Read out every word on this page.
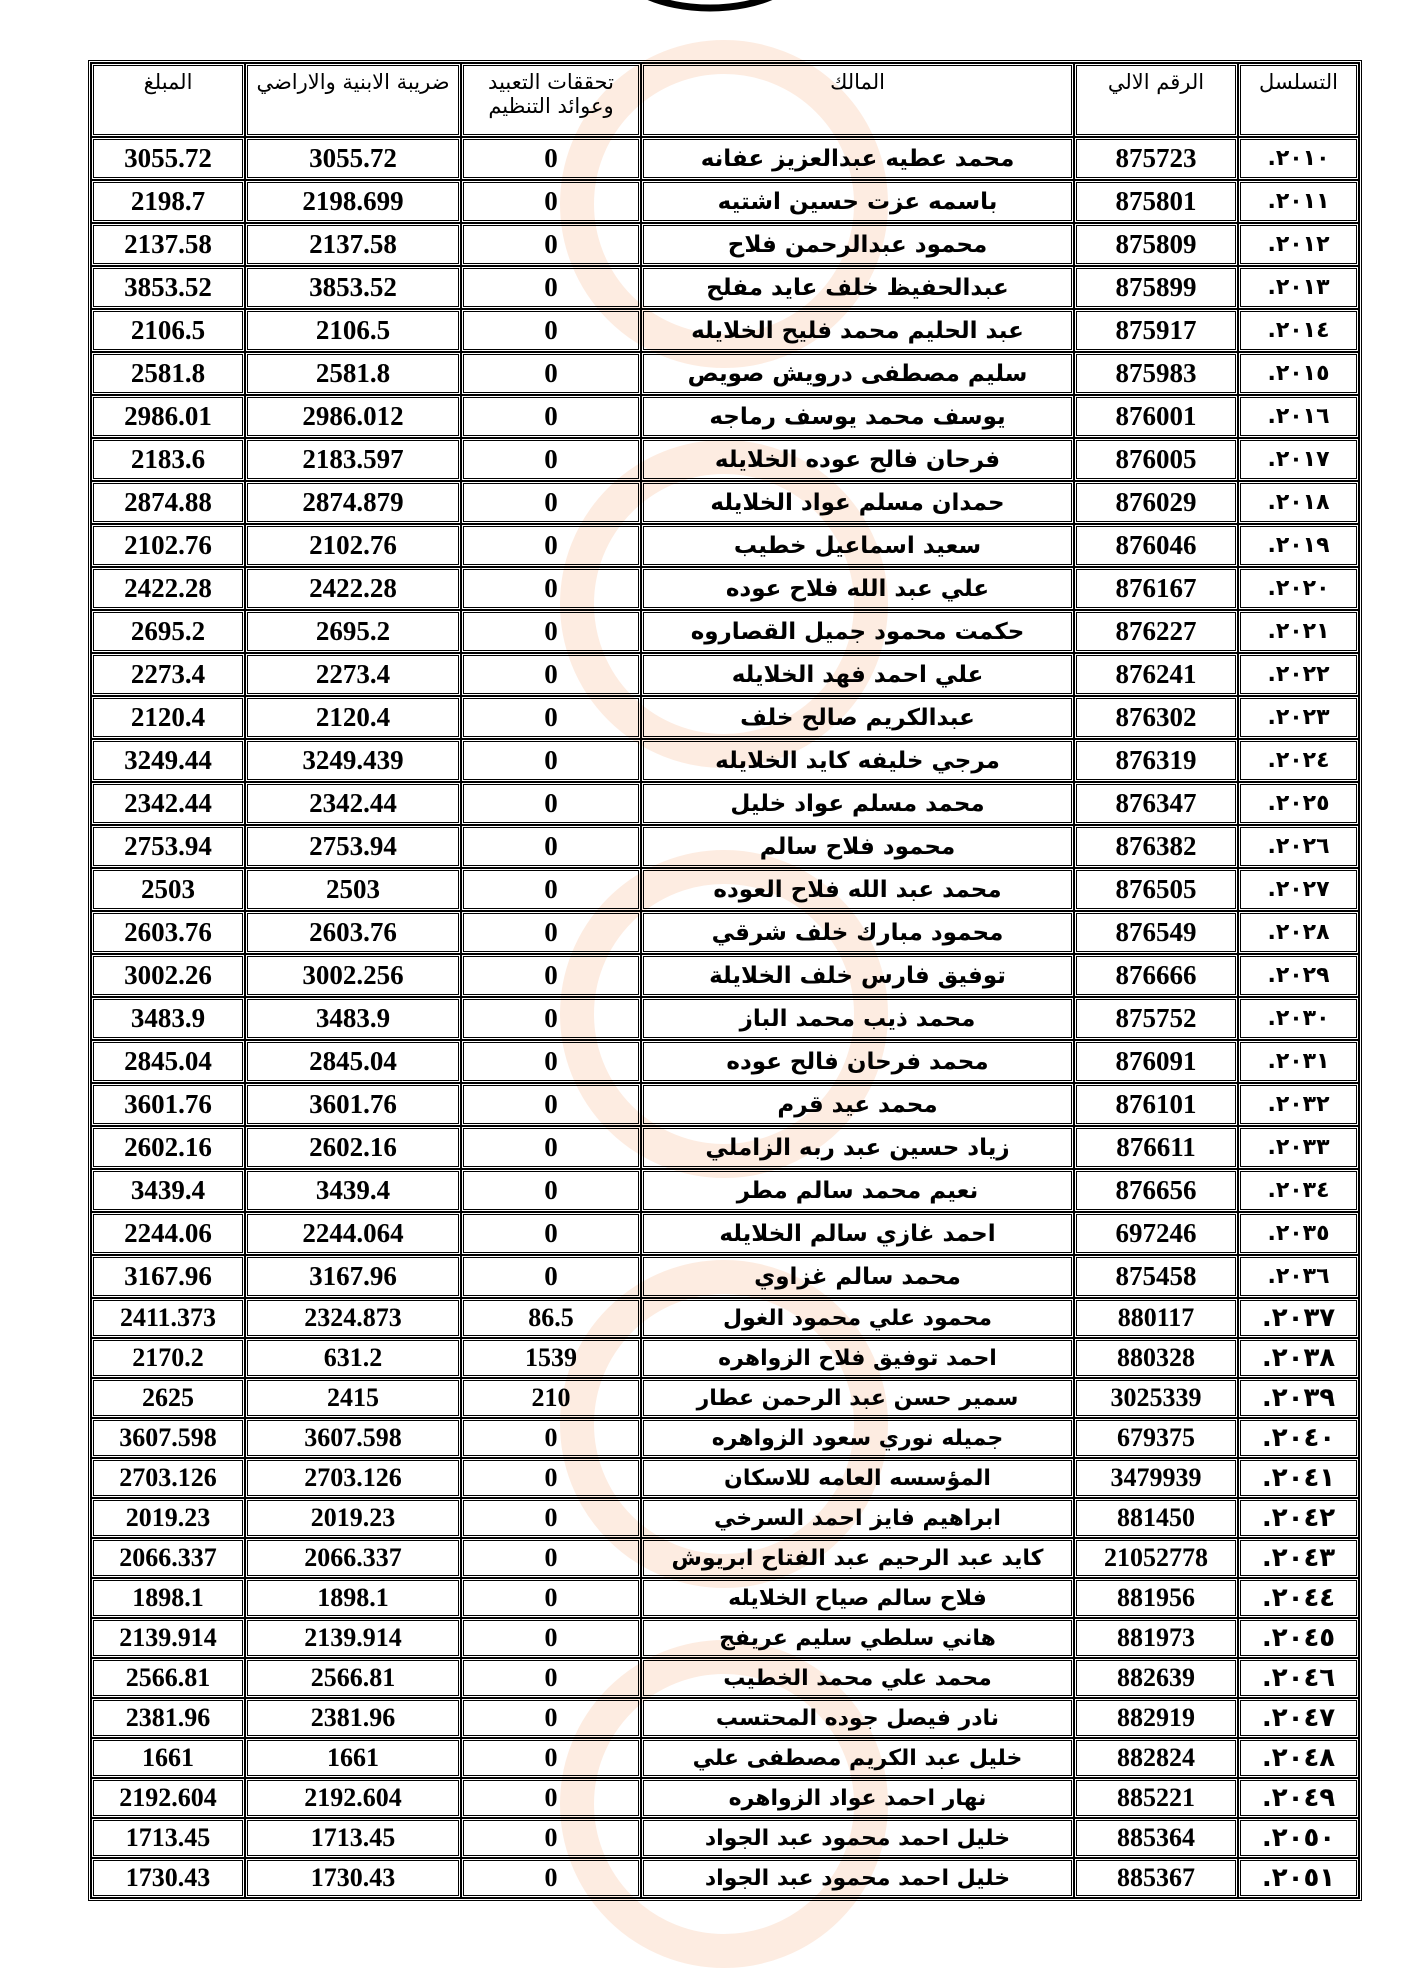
المبلغ	ضريبة الابنية والاراضي	تحققات التعبيد وعوائد التنظيم	المالك	الرقم الالي	التسلسل
3055.72	3055.72	0	محمد عطيه عبدالعزيز عفانه	875723	٢٠١٠.
2198.7	2198.699	0	باسمه عزت حسين اشتيه	875801	٢٠١١.
2137.58	2137.58	0	محمود عبدالرحمن فلاح	875809	٢٠١٢.
3853.52	3853.52	0	عبدالحفيظ خلف عايد مفلح	875899	٢٠١٣.
2106.5	2106.5	0	عبد الحليم محمد فليح الخلايله	875917	٢٠١٤.
2581.8	2581.8	0	سليم مصطفى درويش صويص	875983	٢٠١٥.
2986.01	2986.012	0	يوسف محمد يوسف رماجه	876001	٢٠١٦.
2183.6	2183.597	0	فرحان فالح عوده الخلايله	876005	٢٠١٧.
2874.88	2874.879	0	حمدان مسلم عواد الخلايله	876029	٢٠١٨.
2102.76	2102.76	0	سعيد اسماعيل خطيب	876046	٢٠١٩.
2422.28	2422.28	0	علي عبد الله فلاح عوده	876167	٢٠٢٠.
2695.2	2695.2	0	حكمت محمود جميل القصاروه	876227	٢٠٢١.
2273.4	2273.4	0	علي احمد فهد الخلايله	876241	٢٠٢٢.
2120.4	2120.4	0	عبدالكريم صالح خلف	876302	٢٠٢٣.
3249.44	3249.439	0	مرجي خليفه كايد الخلايله	876319	٢٠٢٤.
2342.44	2342.44	0	محمد مسلم عواد خليل	876347	٢٠٢٥.
2753.94	2753.94	0	محمود فلاح سالم	876382	٢٠٢٦.
2503	2503	0	محمد عبد الله فلاح العوده	876505	٢٠٢٧.
2603.76	2603.76	0	محمود مبارك خلف شرقي	876549	٢٠٢٨.
3002.26	3002.256	0	توفيق فارس خلف الخلايلة	876666	٢٠٢٩.
3483.9	3483.9	0	محمد ذيب محمد الباز	875752	٢٠٣٠.
2845.04	2845.04	0	محمد فرحان فالح عوده	876091	٢٠٣١.
3601.76	3601.76	0	محمد عيد قرم	876101	٢٠٣٢.
2602.16	2602.16	0	زياد حسين عبد ربه الزاملي	876611	٢٠٣٣.
3439.4	3439.4	0	نعيم محمد سالم مطر	876656	٢٠٣٤.
2244.06	2244.064	0	احمد غازي سالم الخلايله	697246	٢٠٣٥.
3167.96	3167.96	0	محمد سالم غزاوي	875458	٢٠٣٦.
2411.373	2324.873	86.5	محمود علي محمود الغول	880117	٢٠٣٧.
2170.2	631.2	1539	احمد توفيق فلاح الزواهره	880328	٢٠٣٨.
2625	2415	210	سمير حسن عبد الرحمن عطار	3025339	٢٠٣٩.
3607.598	3607.598	0	جميله نوري سعود الزواهره	679375	٢٠٤٠.
2703.126	2703.126	0	المؤسسه العامه للاسكان	3479939	٢٠٤١.
2019.23	2019.23	0	ابراهيم فايز احمد السرخي	881450	٢٠٤٢.
2066.337	2066.337	0	كايد عبد الرحيم عبد الفتاح ابريوش	21052778	٢٠٤٣.
1898.1	1898.1	0	فلاح سالم صياح الخلايله	881956	٢٠٤٤.
2139.914	2139.914	0	هاني سلطي سليم عريفج	881973	٢٠٤٥.
2566.81	2566.81	0	محمد علي محمد الخطيب	882639	٢٠٤٦.
2381.96	2381.96	0	نادر فيصل جوده المحتسب	882919	٢٠٤٧.
1661	1661	0	خليل عبد الكريم مصطفى علي	882824	٢٠٤٨.
2192.604	2192.604	0	نهار احمد عواد الزواهره	885221	٢٠٤٩.
1713.45	1713.45	0	خليل احمد محمود عبد الجواد	885364	٢٠٥٠.
1730.43	1730.43	0	خليل احمد محمود عبد الجواد	885367	٢٠٥١.
